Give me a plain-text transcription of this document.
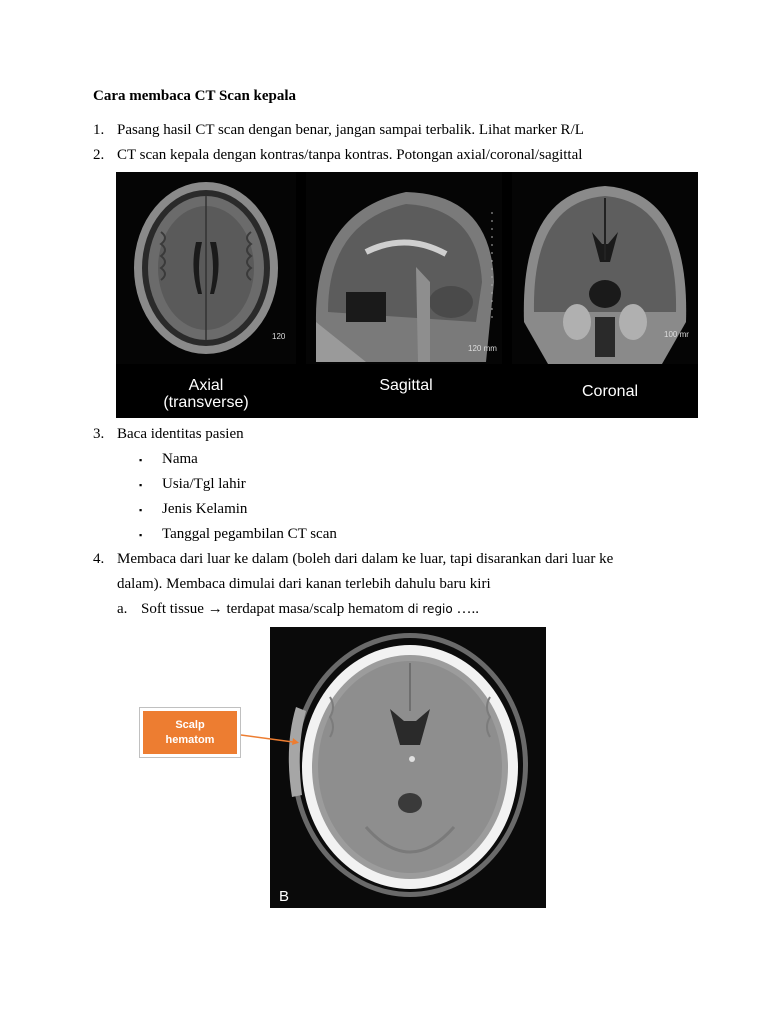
Cara membaca CT Scan kepala
1. Pasang hasil CT scan dengan benar, jangan sampai terbalik. Lihat marker R/L
2. CT scan kepala dengan kontras/tanpa kontras. Potongan axial/coronal/sagittal
120
120 mm
100 mr
Axial
(transverse)
Sagittal	Coronal
3. Baca identitas pasien
▪ Nama
▪ Usia/Tgl lahir
▪ Jenis Kelamin
▪ Tanggal pegambilan CT scan
4. Membaca dari luar ke dalam (boleh dari dalam ke luar, tapi disarankan dari luar ke
dalam). Membaca dimulai dari kanan terlebih dahulu baru kiri
a. Soft tissue → terdapat masa/scalp hematom di regio …..
B
Scalp
hematom
